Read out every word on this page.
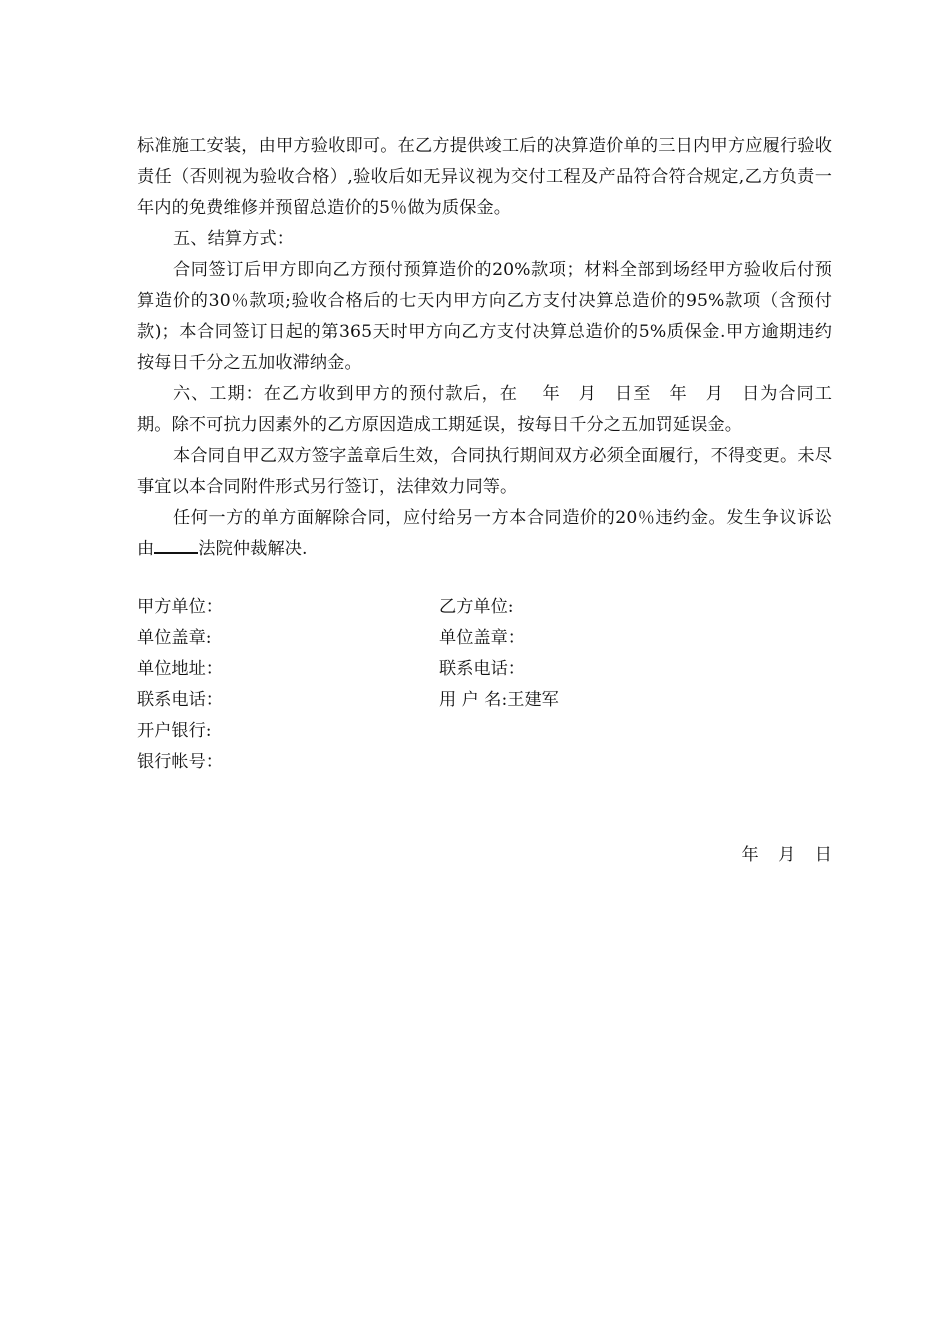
标准施工安装，由甲方验收即可。在乙方提供竣工后的决算造价单的三日内甲方应履行验收责任（否则视为验收合格）,验收后如无异议视为交付工程及产品符合符合规定,乙方负责一年内的免费维修并预留总造价的5％做为质保金。

五、结算方式：

合同签订后甲方即向乙方预付预算造价的20%款项；材料全部到场经甲方验收后付预算造价的30％款项;验收合格后的七天内甲方向乙方支付决算总造价的95%款项（含预付款)；本合同签订日起的第365天时甲方向乙方支付决算总造价的5%质保金.甲方逾期违约按每日千分之五加收滞纳金。

六、工期：在乙方收到甲方的预付款后，在　 年　月　日至　年　月　日为合同工期。除不可抗力因素外的乙方原因造成工期延误，按每日千分之五加罚延误金。

本合同自甲乙双方签字盖章后生效，合同执行期间双方必须全面履行，不得变更。未尽事宜以本合同附件形式另行签订，法律效力同等。

任何一方的单方面解除合同，应付给另一方本合同造价的20％违约金。发生争议诉讼由	法院仲裁解决.

甲方单位：	乙方单位:
单位盖章:	单位盖章：
单位地址：	联系电话：
联系电话：	用 户 名:王建军
开户银行:
银行帐号：
年 月 日
